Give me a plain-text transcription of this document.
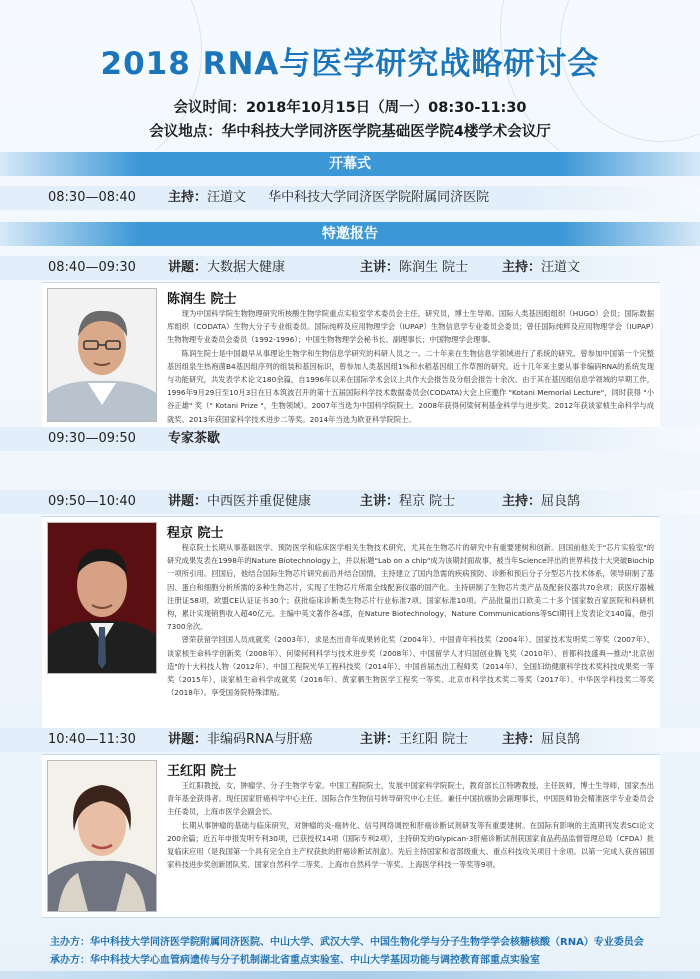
2018 RNA与医学研究战略研讨会
会议时间：2018年10月15日（周一）08:30-11:30
会议地点：华中科技大学同济医学院基础医学院4楼学术会议厅
开幕式
08:30—08:40 主持：汪道文 华中科技大学同济医学院附属同济医院
特邀报告
08:40—09:30 讲题：大数据大健康	主讲：陈润生 院士	主持：汪道文
陈润生 院士

现为中国科学院生物物理研究所核酸生物学院重点实验室学术委员会主任，研究员，博士生导师。国际人类基因组组织（HUGO）会员；国际数据库组织（CODATA）生物大分子专业组委员。国际纯粹及应用物理学会（IUPAP）生物信息学专业委员会委员；曾任国际纯粹及应用物理学会（IUPAP）生物物理专业委员会委员（1992-1996）；中国生物物理学会秘书长、副理事长；中国物理学会理事。

陈润生院士是中国最早从事理论生物学和生物信息学研究的科研人员之一。二十年来在生物信息学领域进行了系统的研究。曾参加中国第一个完整基因组泉生热袍菌B4基因组序列的组装和基因标识，曾参加人类基因组1%和水稻基因组工作草图的研究。近十几年来主要从事非编码RNA的系统发现与功能研究，共发表学术论文180余篇，自1996年以来在国际学术会议上共作大会报告及分组会报告十余次。由于其在基因组信息学领域的早期工作，1996年9月29日至10月3日在日本筑波召开的第十五届国际科学技术数据委员会(CODATA)大会上应邀作 "Kotani Memorial Lecture"，同时获得 "小谷正雄" 奖（" Kotani Prize "，生物领域）。2007年当选为中国科学院院士。2008年获得何梁何利基金科学与进步奖。2012年获谈家桢生命科学与成就奖。2013年获国家科学技术进步二等奖。2014年当选为欧亚科学院院士。

09:30—09:50 专家茶歇
09:50—10:40 讲题：中西医并重促健康	主讲：程京 院士	主持：屈良鹄
程京 院士

程京院士长期从事基础医学、预防医学和临床医学相关生物技术研究，尤其在生物芯片的研究中有重要建树和创新。回国前他关于"芯片实验室"的研究成果发表在1998年的Nature Biotechnology上，并以标题"Lab on a chip"成为该期封面故事，被当年Science评出的世界科技十大突破Biochip一项所引用。回国后，他结合国际生物芯片研究前沿并结合国情，主持建立了国内急需的疾病预防、诊断和预后分子分型芯片技术体系，领导研制了基因、蛋白和细胞分析所需的多种生物芯片，实现了生物芯片所需全线配套仪器的国产化。主持研制了生物芯片类产品及配套仪器共70余项；获医疗器械注册证58项，欧盟CE认证证书30个；获批临床诊断类生物芯片行业标准7项、国家标准10项。产品批量出口欧美二十多个国家数百家医院和科研机构，累计实现销售收入超40亿元。主编中英文著作各4部，在Nature Biotechnology、Nature Communications等SCI期刊上发表论文140篇，他引7300余次。

曾荣获留学回国人员成就奖（2003年）、求是杰出青年成果转化奖（2004年）、中国青年科技奖（2004年）、国家技术发明奖二等奖（2007年）、谈家桢生命科学创新奖（2008年）、何梁何利科学与技术进步奖（2008年）、中国留学人才归国创业腾飞奖（2010年）、首都科技盛典—推动"北京创造"的十大科技人物（2012年）、中国工程院光华工程科技奖（2014年）、中国首届杰出工程师奖（2014年）、全国妇幼健康科学技术奖科技成果奖一等奖（2015年）、谈家桢生命科学成就奖（2016年）、黄家驷生物医学工程奖一等奖、北京市科学技术奖二等奖（2017年）、中华医学科技奖二等奖（2018年）。享受国务院特殊津贴。

10:40—11:30 讲题：非编码RNA与肝癌	主讲：王红阳 院士	主持：屈良鹄
王红阳 院士

王红阳教授，女，肿瘤学、分子生物学专家。中国工程院院士，发展中国家科学院院士，教育部长江特聘教授，主任医师，博士生导师，国家杰出青年基金获得者。现任国家肝癌科学中心主任、国际合作生物信号转导研究中心主任。兼任中国抗癌协会副理事长，中国医师协会精准医学专业委员会主任委员，上海市医学会副会长。

长期从事肿瘤的基础与临床研究，对肿瘤的炎-癌转化、信号网络调控和肝癌诊断试剂研发等有重要建树。在国际有影响的主流期刊发表SCI论文200余篇；近五年申报发明专利30项，已获授权14项（国际专利2项），主持研发的Glypican-3肝癌诊断试剂获国家食品药品监督管理总局（CFDA）批复临床应用（是我国第一个具有完全自主产权获批的肝癌诊断试剂盒）。先后主持国家和省部级重大、重点科技攻关项目十余项。以第一完成人获首届国家科技进步奖创新团队奖、国家自然科学二等奖、上海市自然科学一等奖、上海医学科技一等奖等9项。

主办方：华中科技大学同济医学院附属同济医院、中山大学、武汉大学、中国生物化学与分子生物学学会核糖核酸（RNA）专业委员会
承办方：华中科技大学心血管病遗传与分子机制湖北省重点实验室、中山大学基因功能与调控教育部重点实验室
